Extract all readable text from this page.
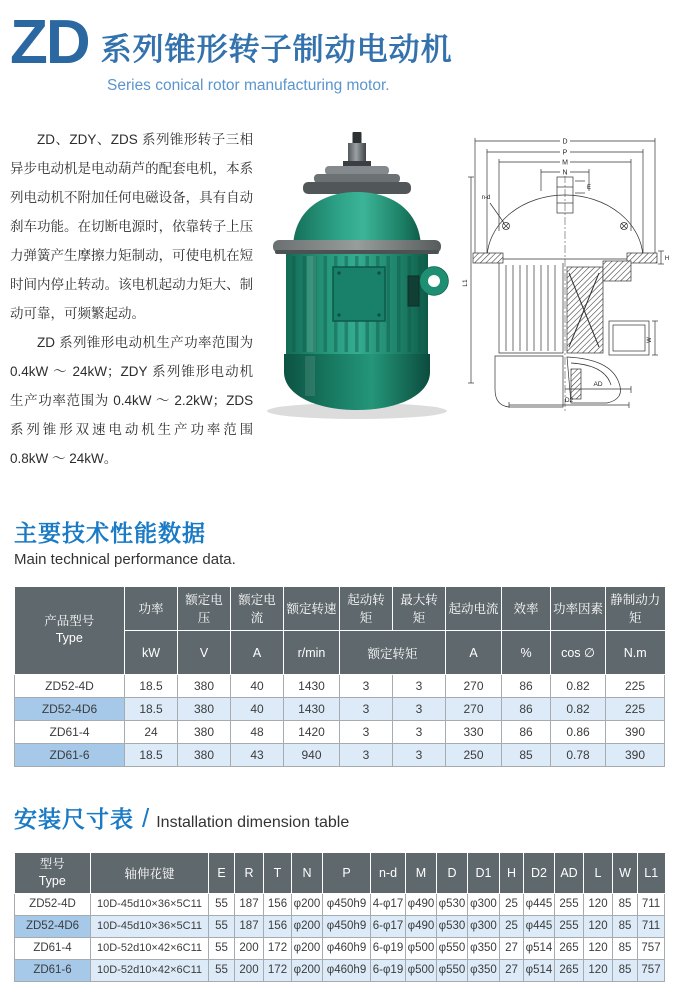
ZD 系列锥形转子制动电动机
Series conical rotor manufacturing motor.

ZD、ZDY、ZDS 系列锥形转子三相异步电动机是电动葫芦的配套电机，本系列电动机不附加任何电磁设备，具有自动刹车功能。在切断电源时，依靠转子上压力弹簧产生摩擦力矩制动，可使电机在短时间内停止转动。该电机起动力矩大、制动可靠，可频繁起动。

ZD 系列锥形电动机生产功率范围为 0.4kW ～ 24kW；ZDY 系列锥形电动机生产功率范围为 0.4kW ～ 2.2kW；ZDS 系列锥形双速电动机生产功率范围 0.8kW ～ 24kW。

D
P
M
N
E
n-d
AD
D2
L1
H
W
主要技术性能数据
Main technical performance data.
产品型号
Type	功率	额定电压	额定电流	额定转速	起动转矩	最大转矩	起动电流	效率	功率因素	静制动力矩
	kW	V	A	r/min	额定转矩		A	%	cos ∅	N.m
ZD52-4D	18.5	380	40	1430	3	3	270	86	0.82	225
ZD52-4D6	18.5	380	40	1430	3	3	270	86	0.82	225
ZD61-4	24	380	48	1420	3	3	330	86	0.86	390
ZD61-6	18.5	380	43	940	3	3	250	85	0.78	390
安装尺寸表 / Installation dimension table
型号
Type	轴伸花键	E	R	T	N	P	n-d	M	D	D1	H	D2	AD	L	W	L1
ZD52-4D	10D-45d10×36×5C11	55	187	156	φ200	φ450h9	4-φ17	φ490	φ530	φ300	25	φ445	255	120	85	711
ZD52-4D6	10D-45d10×36×5C11	55	187	156	φ200	φ450h9	6-φ17	φ490	φ530	φ300	25	φ445	255	120	85	711
ZD61-4	10D-52d10×42×6C11	55	200	172	φ200	φ460h9	6-φ19	φ500	φ550	φ350	27	φ514	265	120	85	757
ZD61-6	10D-52d10×42×6C11	55	200	172	φ200	φ460h9	6-φ19	φ500	φ550	φ350	27	φ514	265	120	85	757
